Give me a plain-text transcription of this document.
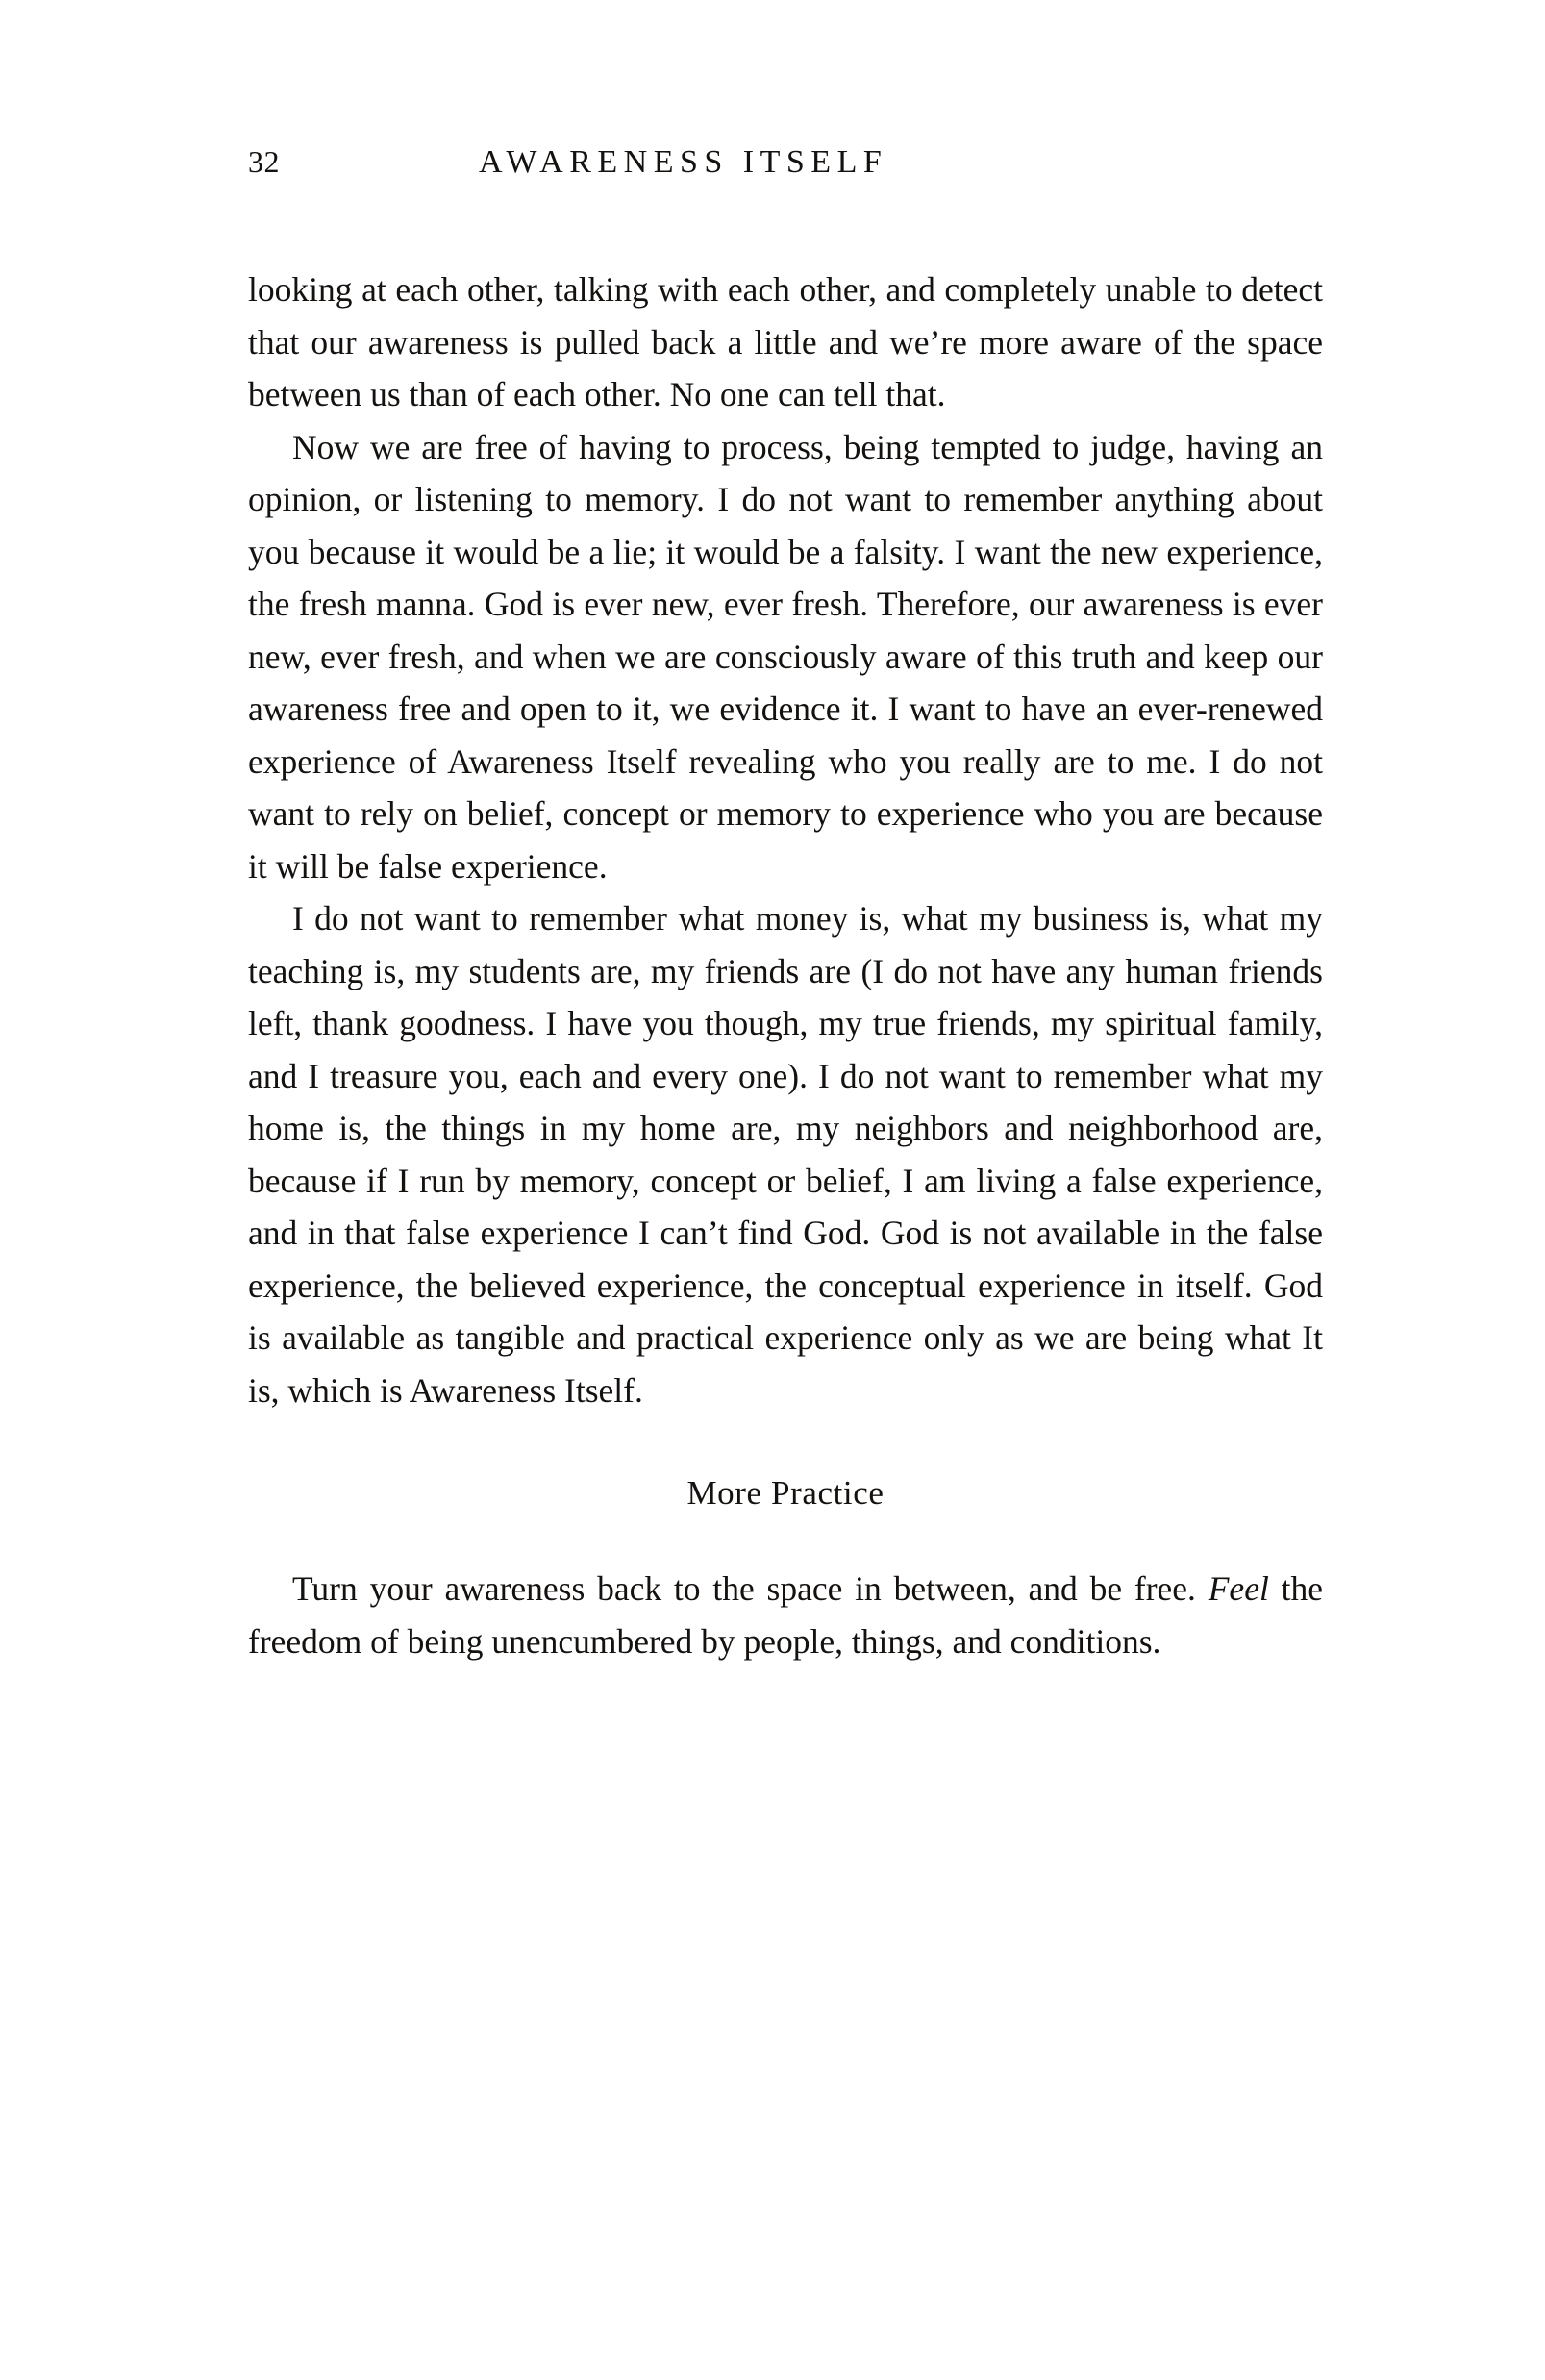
32	AWARENESS ITSELF

looking at each other, talking with each other, and completely unable to detect that our awareness is pulled back a little and we’re more aware of the space between us than of each other. No one can tell that.

Now we are free of having to process, being tempted to judge, having an opinion, or listening to memory. I do not want to remember anything about you because it would be a lie; it would be a falsity. I want the new experience, the fresh manna. God is ever new, ever fresh. Therefore, our awareness is ever new, ever fresh, and when we are consciously aware of this truth and keep our awareness free and open to it, we evidence it. I want to have an ever-renewed experience of Awareness Itself revealing who you really are to me. I do not want to rely on belief, concept or memory to experience who you are because it will be false experience.

I do not want to remember what money is, what my business is, what my teaching is, my students are, my friends are (I do not have any human friends left, thank goodness. I have you though, my true friends, my spiritual family, and I treasure you, each and every one). I do not want to remember what my home is, the things in my home are, my neighbors and neighborhood are, because if I run by memory, concept or belief, I am living a false experience, and in that false experience I can’t find God. God is not available in the false experience, the believed experience, the conceptual experience in itself. God is available as tangible and practical experience only as we are being what It is, which is Awareness Itself.

More Practice

Turn your awareness back to the space in between, and be free. Feel the freedom of being unencumbered by people, things, and conditions.
